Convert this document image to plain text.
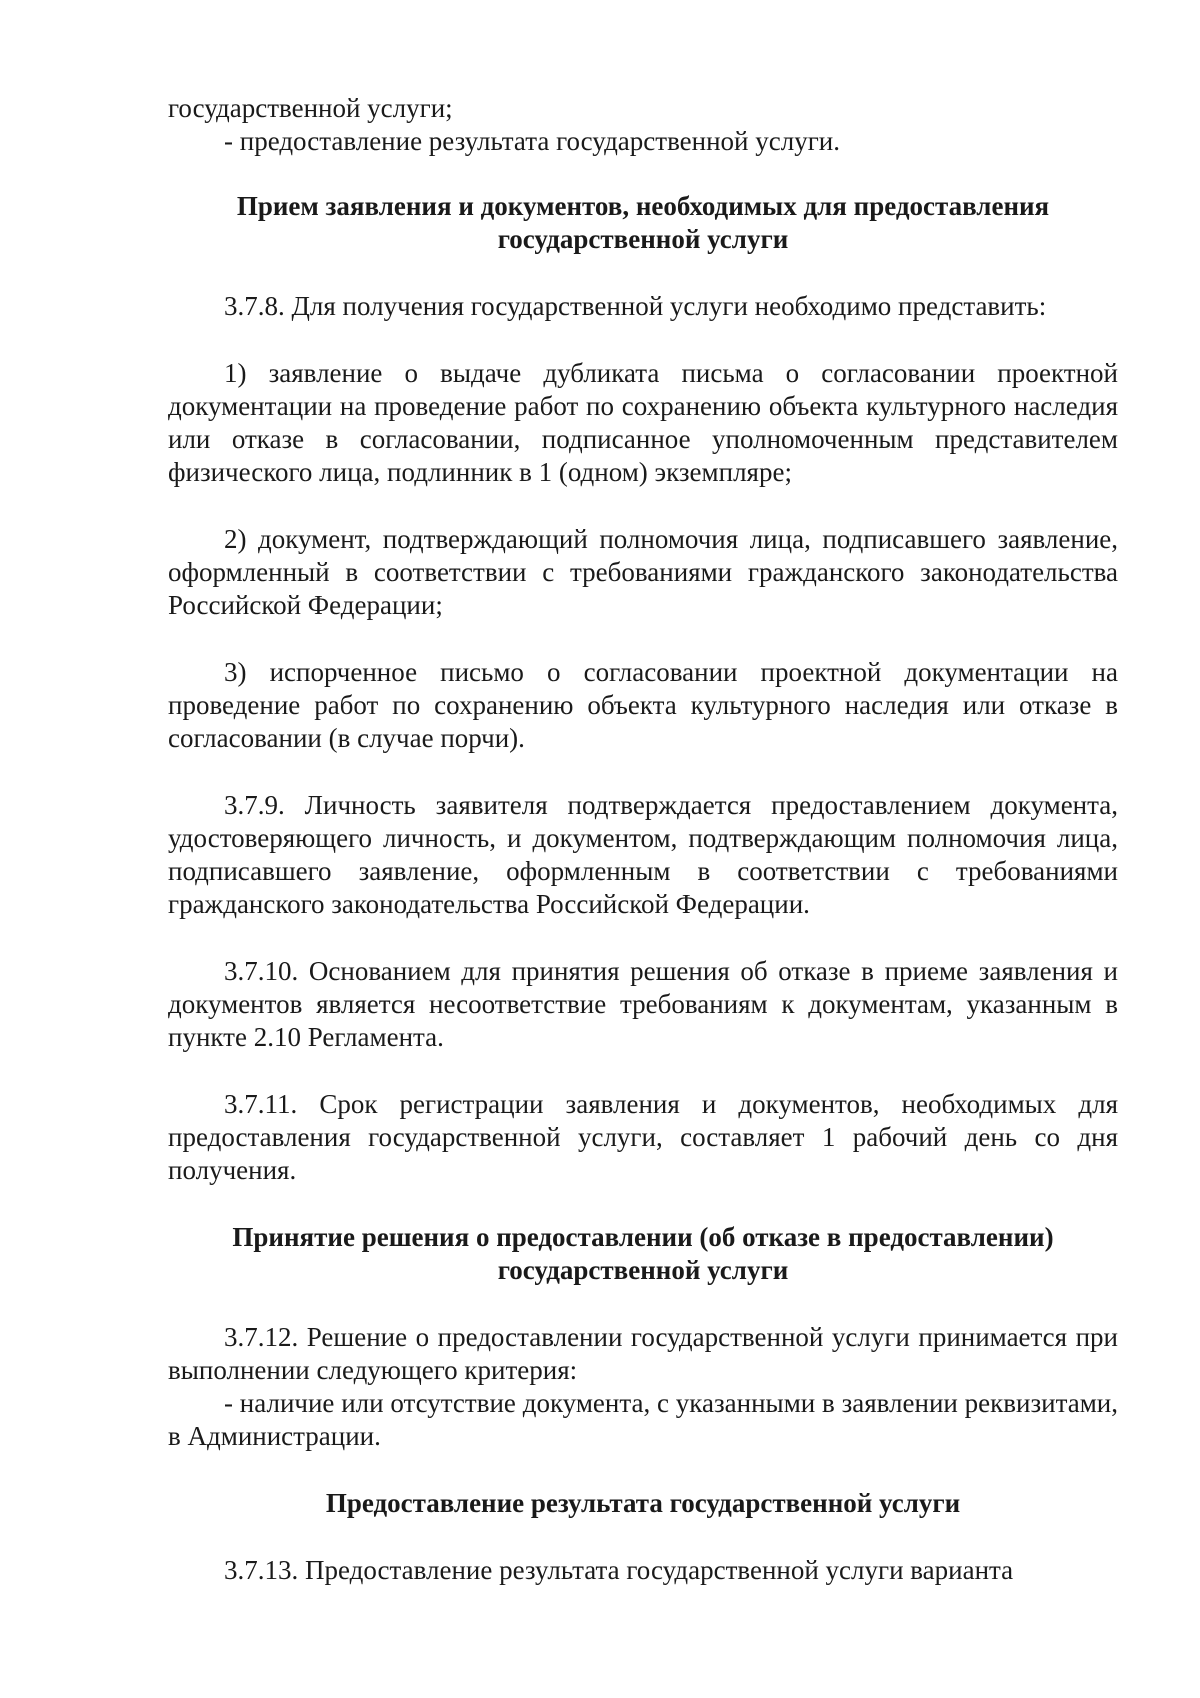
государственной услуги;

- предоставление результата государственной услуги.

Прием заявления и документов, необходимых для предоставления

государственной услуги

3.7.8. Для получения государственной услуги необходимо представить:

1) заявление о выдаче дубликата письма о согласовании проектной документации на проведение работ по сохранению объекта культурного наследия или отказе в согласовании, подписанное уполномоченным представителем физического лица, подлинник в 1 (одном) экземпляре;

2) документ, подтверждающий полномочия лица, подписавшего заявление, оформленный в соответствии с требованиями гражданского законодательства Российской Федерации;

3) испорченное письмо о согласовании проектной документации на проведение работ по сохранению объекта культурного наследия или отказе в согласовании (в случае порчи).

3.7.9. Личность заявителя подтверждается предоставлением документа, удостоверяющего личность, и документом, подтверждающим полномочия лица, подписавшего заявление, оформленным в соответствии с требованиями гражданского законодательства Российской Федерации.

3.7.10. Основанием для принятия решения об отказе в приеме заявления и документов является несоответствие требованиям к документам, указанным в пункте 2.10 Регламента.

3.7.11. Срок регистрации заявления и документов, необходимых для предоставления государственной услуги, составляет 1 рабочий день со дня получения.

Принятие решения о предоставлении (об отказе в предоставлении)

государственной услуги

3.7.12. Решение о предоставлении государственной услуги принимается при выполнении следующего критерия:

- наличие или отсутствие документа, с указанными в заявлении реквизитами, в Администрации.

Предоставление результата государственной услуги

3.7.13. Предоставление результата государственной услуги варианта
